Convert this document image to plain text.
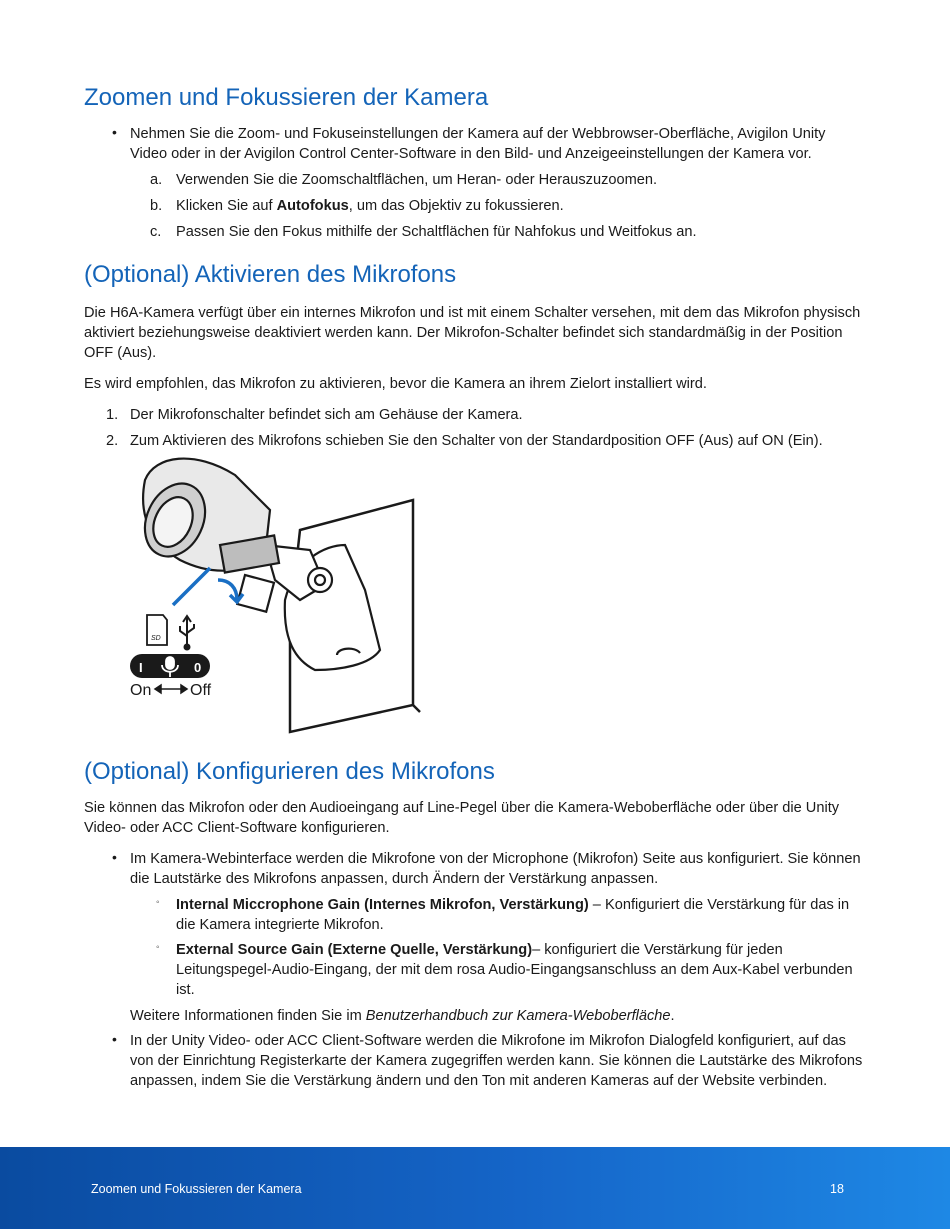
Zoomen und Fokussieren der Kamera
• Nehmen Sie die Zoom- und Fokuseinstellungen der Kamera auf der Webbrowser-Oberfläche, Avigilon Unity Video oder in der Avigilon Control Center-Software in den Bild- und Anzeigeeinstellungen der Kamera vor.

a. Verwenden Sie die Zoomschaltflächen, um Heran- oder Herauszuzoomen.
b. Klicken Sie auf Autofokus, um das Objektiv zu fokussieren.
c. Passen Sie den Fokus mithilfe der Schaltflächen für Nahfokus und Weitfokus an.
(Optional) Aktivieren des Mikrofons

Die H6A-Kamera verfügt über ein internes Mikrofon und ist mit einem Schalter versehen, mit dem das Mikrofon physisch aktiviert beziehungsweise deaktiviert werden kann. Der Mikrofon-Schalter befindet sich standardmäßig in der Position OFF (Aus).

Es wird empfohlen, das Mikrofon zu aktivieren, bevor die Kamera an ihrem Zielort installiert wird.

1. Der Mikrofonschalter befindet sich am Gehäuse der Kamera.
2. Zum Aktivieren des Mikrofons schieben Sie den Schalter von der Standardposition OFF (Aus) auf ON (Ein).
(Optional) Konfigurieren des Mikrofons

Sie können das Mikrofon oder den Audioeingang auf Line-Pegel über die Kamera-Weboberfläche oder über die Unity Video- oder ACC Client-Software konfigurieren.

• Im Kamera-Webinterface werden die Mikrofone von der Microphone (Mikrofon) Seite aus konfiguriert. Sie können die Lautstärke des Mikrofons anpassen, durch Ändern der Verstärkung anpassen.

◦ Internal Miccrophone Gain (Internes Mikrofon, Verstärkung) – Konfiguriert die Verstärkung für das in die Kamera integrierte Mikrofon.

◦ External Source Gain (Externe Quelle, Verstärkung)– konfiguriert die Verstärkung für jeden Leitungspegel-Audio-Eingang, der mit dem rosa Audio-Eingangsanschluss an dem Aux-Kabel verbunden ist.

Weitere Informationen finden Sie im Benutzerhandbuch zur Kamera-Weboberfläche.

• In der Unity Video- oder ACC Client-Software werden die Mikrofone im Mikrofon Dialogfeld konfiguriert, auf das von der Einrichtung Registerkarte der Kamera zugegriffen werden kann. Sie können die Lautstärke des Mikrofons anpassen, indem Sie die Verstärkung ändern und den Ton mit anderen Kameras auf der Website verbinden.

SD
I	0
On Off
Zoomen und Fokussieren der Kamera	18
